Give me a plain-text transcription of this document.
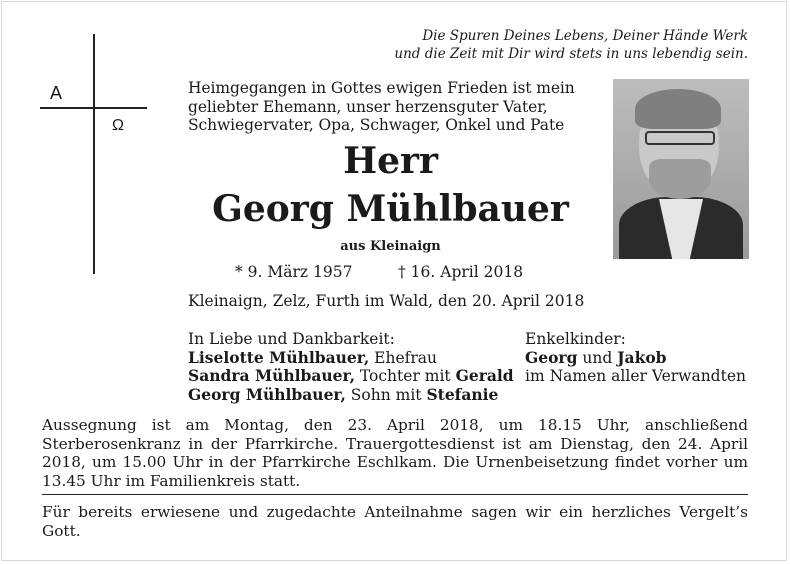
A
Ω
Die Spuren Deines Lebens, Deiner Hände Werk
und die Zeit mit Dir wird stets in uns lebendig sein.
Heimgegangen in Gottes ewigen Frieden ist mein
geliebter Ehemann, unser herzensguter Vater,
Schwiegervater, Opa, Schwager, Onkel und Pate
Herr
Georg Mühlbauer
aus Kleinaign
* 9. März 1957	† 16. April 2018
Kleinaign, Zelz, Furth im Wald, den 20. April 2018
In Liebe und Dankbarkeit:
Liselotte Mühlbauer, Ehefrau
Sandra Mühlbauer, Tochter mit Gerald
Georg Mühlbauer, Sohn mit Stefanie
Enkelkinder:
Georg und Jakob
im Namen aller Verwandten
Aussegnung ist am Montag, den 23. April 2018, um 18.15 Uhr, anschließend
Sterberosenkranz in der Pfarrkirche. Trauergottesdienst ist am Dienstag, den 24. April
2018, um 15.00 Uhr in der Pfarrkirche Eschlkam. Die Urnenbeisetzung findet vorher um
13.45 Uhr im Familienkreis statt.
Für bereits erwiesene und zugedachte Anteilnahme sagen wir ein herzliches Vergelt’s
Gott.
